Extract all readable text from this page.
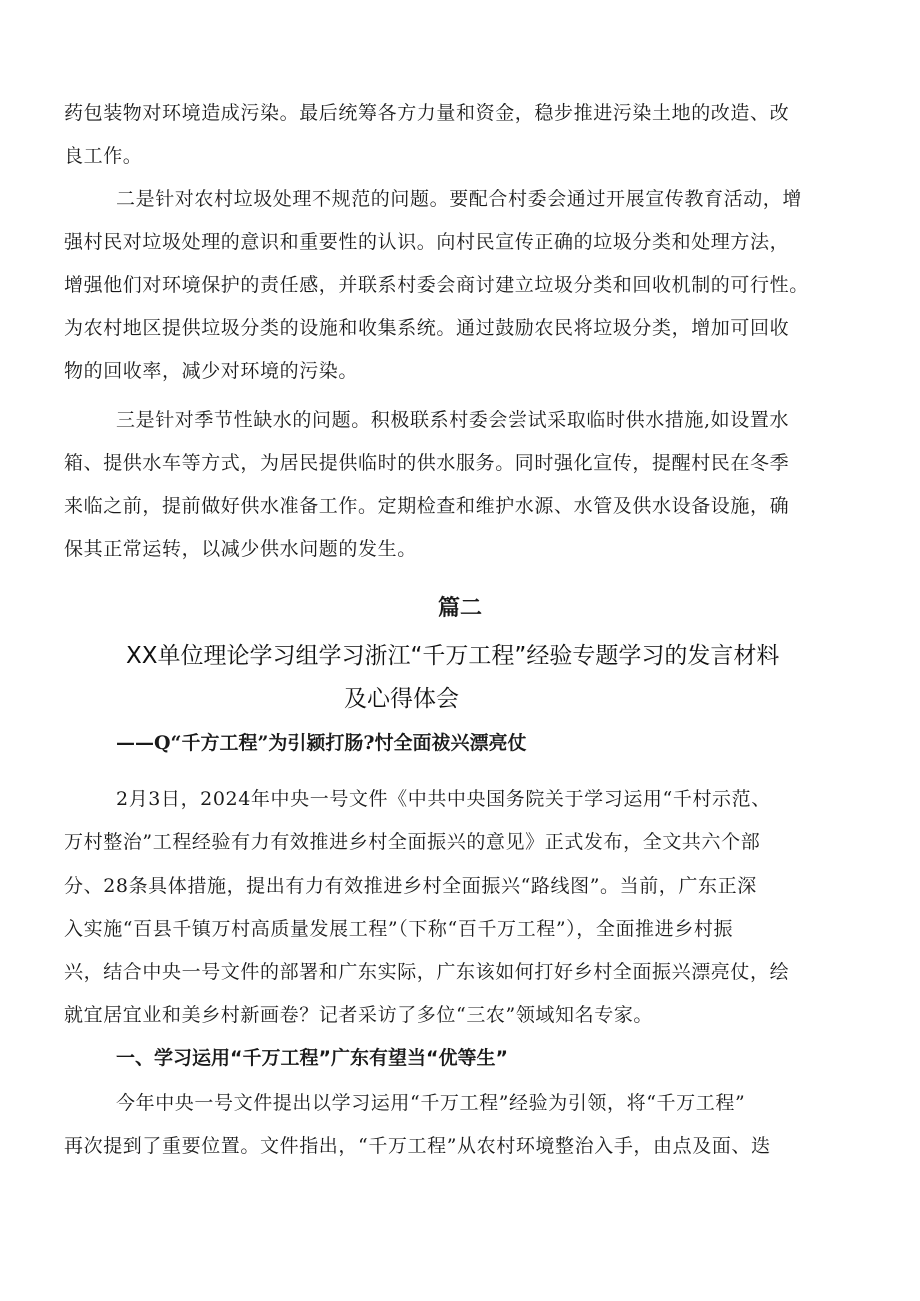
药包装物对环境造成污染。最后统筹各方力量和资金，稳步推进污染土地的改造、改
良工作。
二是针对农村垃圾处理不规范的问题。要配合村委会通过开展宣传教育活动，增
强村民对垃圾处理的意识和重要性的认识。向村民宣传正确的垃圾分类和处理方法，
增强他们对环境保护的责任感，并联系村委会商讨建立垃圾分类和回收机制的可行性。
为农村地区提供垃圾分类的设施和收集系统。通过鼓励农民将垃圾分类，增加可回收
物的回收率，减少对环境的污染。
三是针对季节性缺水的问题。积极联系村委会尝试采取临时供水措施,如设置水
箱、提供水车等方式，为居民提供临时的供水服务。同时强化宣传，提醒村民在冬季
来临之前，提前做好供水准备工作。定期检查和维护水源、水管及供水设备设施，确
保其正常运转，以减少供水问题的发生。
篇二
XX单位理论学习组学习浙江“千万工程”经验专题学习的发言材料
及心得体会
——Q“千方工程”为引颍打肠?忖全面祓兴漂亮仗
2月3日，2024年中央一号文件《中共中央国务院关于学习运用“千村示范、
万村整治”工程经验有力有效推进乡村全面振兴的意见》正式发布，全文共六个部
分、28条具体措施，提出有力有效推进乡村全面振兴“路线图”。当前，广东正深
入实施“百县千镇万村高质量发展工程”（下称“百千万工程”），全面推进乡村振
兴，结合中央一号文件的部署和广东实际，广东该如何打好乡村全面振兴漂亮仗，绘
就宜居宜业和美乡村新画卷？记者采访了多位“三农”领域知名专家。
一、学习运用“千万工程”广东有望当“优等生”
今年中央一号文件提出以学习运用“千万工程”经验为引领，将“千万工程”
再次提到了重要位置。文件指出，“千万工程”从农村环境整治入手，由点及面、迭
